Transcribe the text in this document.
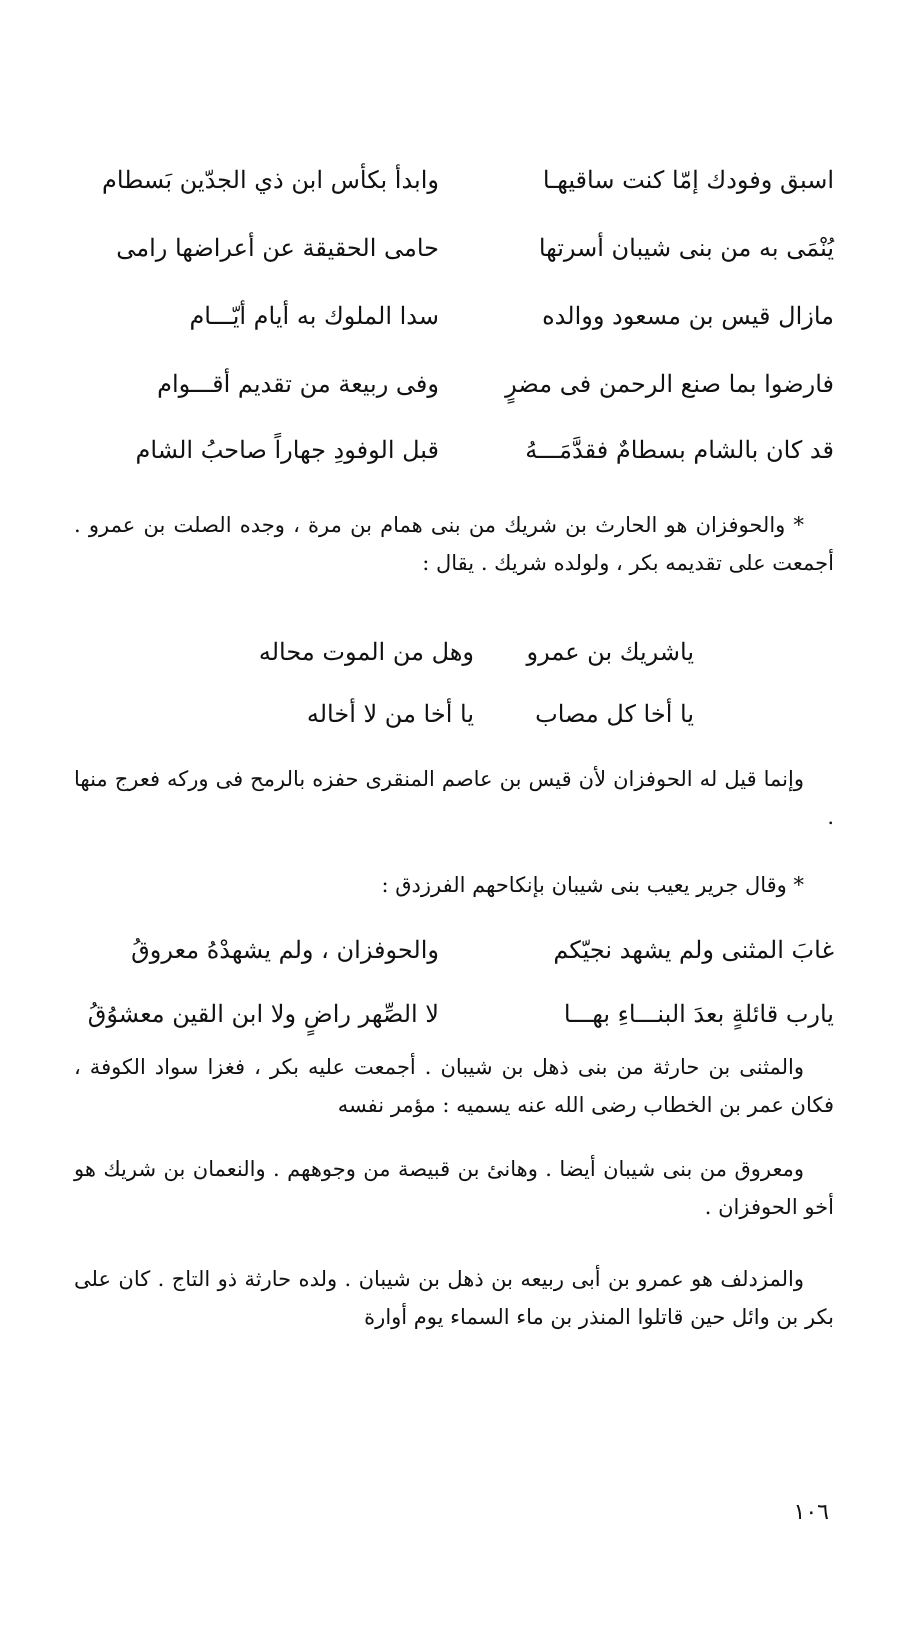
اسبق وفودك إمّا كنت ساقيهـا
وابدأ بكأس ابن ذي الجدّين بَسطام
يُنْمَى به من بنى شيبان أسرتها
حامى الحقيقة عن أعراضها رامى
مازال قيس بن مسعود ووالده
سدا الملوك به أيام أيّـــام
فارضوا بما صنع الرحمن فى مضرٍ
وفى ربيعة من تقديم أقـــوام
قد كان بالشام بسطامٌ فقدَّمَـــهُ
قبل الوفودِ جهاراً صاحبُ الشام
* والحوفزان هو الحارث بن شريك من بنى همام بن مرة ، وجده الصلت بن عمرو . أجمعت على تقديمه بكر ، ولولده شريك . يقال :
ياشريك بن عمرو
وهل من الموت محاله
يا أخا كل مصاب
يا أخا من لا أخاله
وإنما قيل له الحوفزان لأن قيس بن عاصم المنقرى حفزه بالرمح فى وركه فعرج منها .
* وقال جرير يعيب بنى شيبان بإنكاحهم الفرزدق :
غابَ المثنى ولم يشهد نجيّكم
والحوفزان ، ولم يشهدْهُ معروقُ
يارب قائلةٍ بعدَ البنـــاءِ بهـــا
لا الصِّهر راضٍ ولا ابن القين معشوُقُ
والمثنى بن حارثة من بنى ذهل بن شيبان . أجمعت عليه بكر ، فغزا سواد الكوفة ، فكان عمر بن الخطاب رضى الله عنه يسميه : مؤمر نفسه
ومعروق من بنى شيبان أيضا . وهانئ بن قبيصة من وجوههم . والنعمان بن شريك هو أخو الحوفزان .
والمزدلف هو عمرو بن أبى ربيعه بن ذهل بن شيبان . ولده حارثة ذو التاج . كان على بكر بن وائل حين قاتلوا المنذر بن ماء السماء يوم أوارة
١٠٦
